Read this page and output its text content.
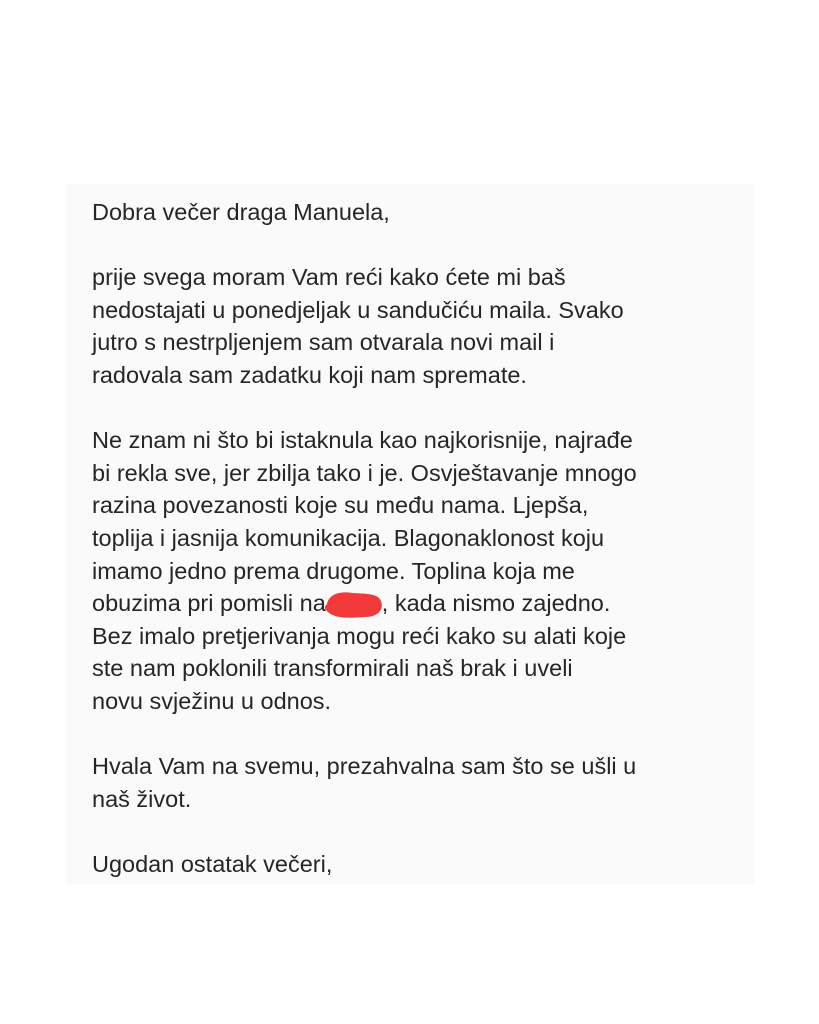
Dobra večer draga Manuela,
prije svega moram Vam reći kako ćete mi baš
nedostajati u ponedjeljak u sandučiću maila. Svako
jutro s nestrpljenjem sam otvarala novi mail i
radovala sam zadatku koji nam spremate.
Ne znam ni što bi istaknula kao najkorisnije, najrađe
bi rekla sve, jer zbilja tako i je. Osvještavanje mnogo
razina povezanosti koje su među nama. Ljepša,
toplija i jasnija komunikacija. Blagonaklonost koju
imamo jedno prema drugome. Toplina koja me
obuzima pri pomisli na , kada nismo zajedno.
Bez imalo pretjerivanja mogu reći kako su alati koje
ste nam poklonili transformirali naš brak i uveli
novu svježinu u odnos.
Hvala Vam na svemu, prezahvalna sam što se ušli u
naš život.
Ugodan ostatak večeri,
